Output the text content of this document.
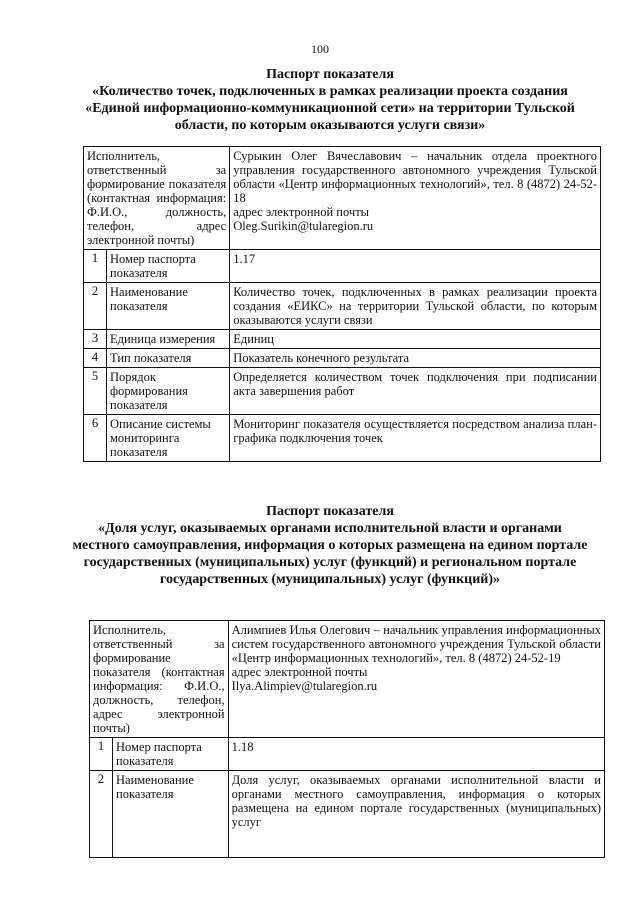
100
Паспорт показателя
«Количество точек, подключенных в рамках реализации проекта создания «Единой информационно-коммуникационной сети» на территории Тульской области, по которым оказываются услуги связи»
Исполнитель, ответственный за формирование показателя (контактная информация: Ф.И.О., должность, телефон, адрес электронной почты)		Сурыкин Олег Вячеславович – начальник отдела проектного управления государственного автономного учреждения Тульской области «Центр информационных технологий», тел. 8 (4872) 24-52-18
адрес электронной почты
Oleg.Surikin@tularegion.ru

1	Номер паспорта показателя	1.17
2	Наименование показателя	Количество точек, подключенных в рамках реализации проекта создания «ЕИКС» на территории Тульской области, по которым оказываются услуги связи
3	Единица измерения	Единиц
4	Тип показателя	Показатель конечного результата
5	Порядок формирования показателя	Определяется количеством точек подключения при подписании акта завершения работ
6	Описание системы мониторинга показателя	Мониторинг показателя осуществляется посредством анализа план-графика подключения точек
Паспорт показателя
«Доля услуг, оказываемых органами исполнительной власти и органами местного самоуправления, информация о которых размещена на едином портале государственных (муниципальных) услуг (функций) и региональном портале государственных (муниципальных) услуг (функций)»
Исполнитель, ответственный за формирование показателя (контактная информация: Ф.И.О., должность, телефон, адрес электронной почты)		Алимпиев Илья Олегович – начальник управления информационных систем государственного автономного учреждения Тульской области «Центр информационных технологий», тел. 8 (4872) 24-52-19
адрес электронной почты
Ilya.Alimpiev@tularegion.ru

1	Номер паспорта показателя	1.18
2	Наименование показателя	Доля услуг, оказываемых органами исполнительной власти и органами местного самоуправления, информация о которых размещена на едином портале государственных (муниципальных) услуг
